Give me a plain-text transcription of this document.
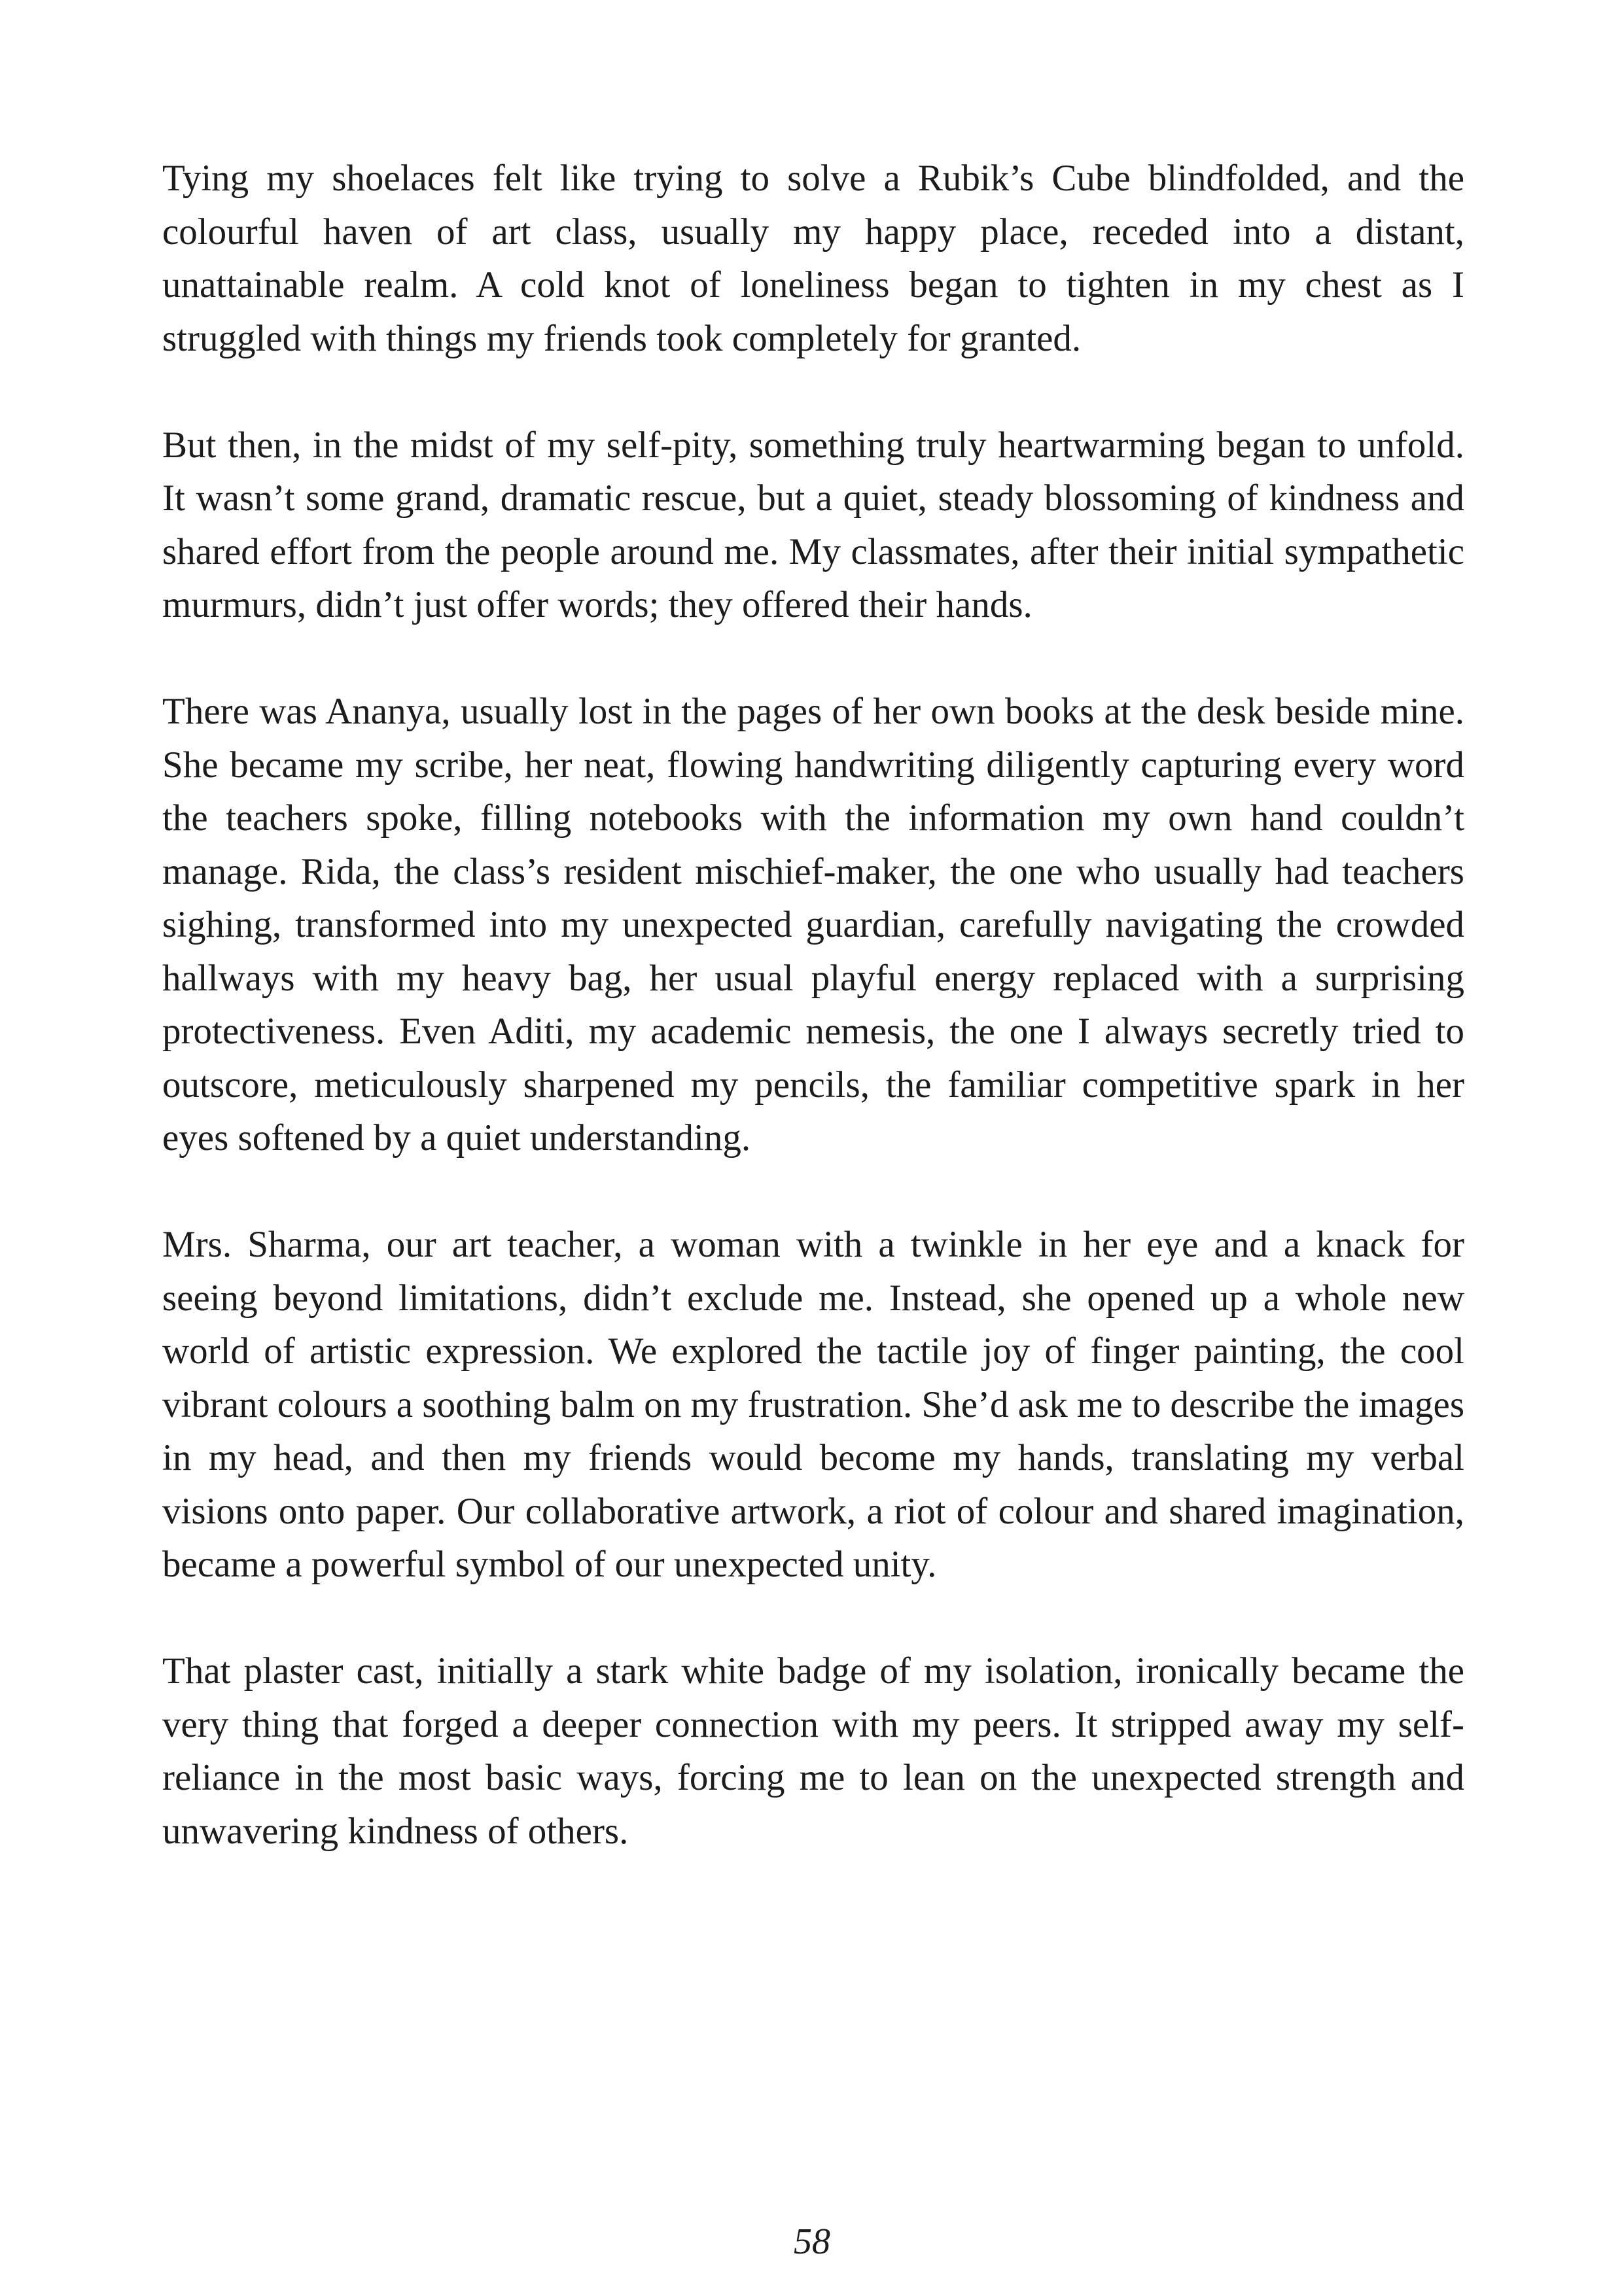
Tying my shoelaces felt like trying to solve a Rubik’s Cube blindfolded, and the colourful haven of art class, usually my happy place, receded into a distant, unattainable realm. A cold knot of loneliness began to tighten in my chest as I struggled with things my friends took completely for granted.

But then, in the midst of my self-pity, something truly heartwarming began to unfold. It wasn’t some grand, dramatic rescue, but a quiet, steady blossoming of kindness and shared effort from the people around me. My classmates, after their initial sympathetic murmurs, didn’t just offer words; they offered their hands.

There was Ananya, usually lost in the pages of her own books at the desk beside mine. She became my scribe, her neat, flowing handwriting diligently capturing every word the teachers spoke, filling notebooks with the information my own hand couldn’t manage. Rida, the class’s resident mischief-maker, the one who usually had teachers sighing, transformed into my unexpected guardian, carefully navigating the crowded hallways with my heavy bag, her usual playful energy replaced with a surprising protectiveness. Even Aditi, my academic nemesis, the one I always secretly tried to outscore, meticulously sharpened my pencils, the familiar competitive spark in her eyes softened by a quiet understanding.

Mrs. Sharma, our art teacher, a woman with a twinkle in her eye and a knack for seeing beyond limitations, didn’t exclude me. Instead, she opened up a whole new world of artistic expression. We explored the tactile joy of finger painting, the cool vibrant colours a soothing balm on my frustration. She’d ask me to describe the images in my head, and then my friends would become my hands, translating my verbal visions onto paper. Our collaborative artwork, a riot of colour and shared imagination, became a powerful symbol of our unexpected unity.

That plaster cast, initially a stark white badge of my isolation, ironically became the very thing that forged a deeper connection with my peers. It stripped away my self-reliance in the most basic ways, forcing me to lean on the unexpected strength and unwavering kindness of others.

58
